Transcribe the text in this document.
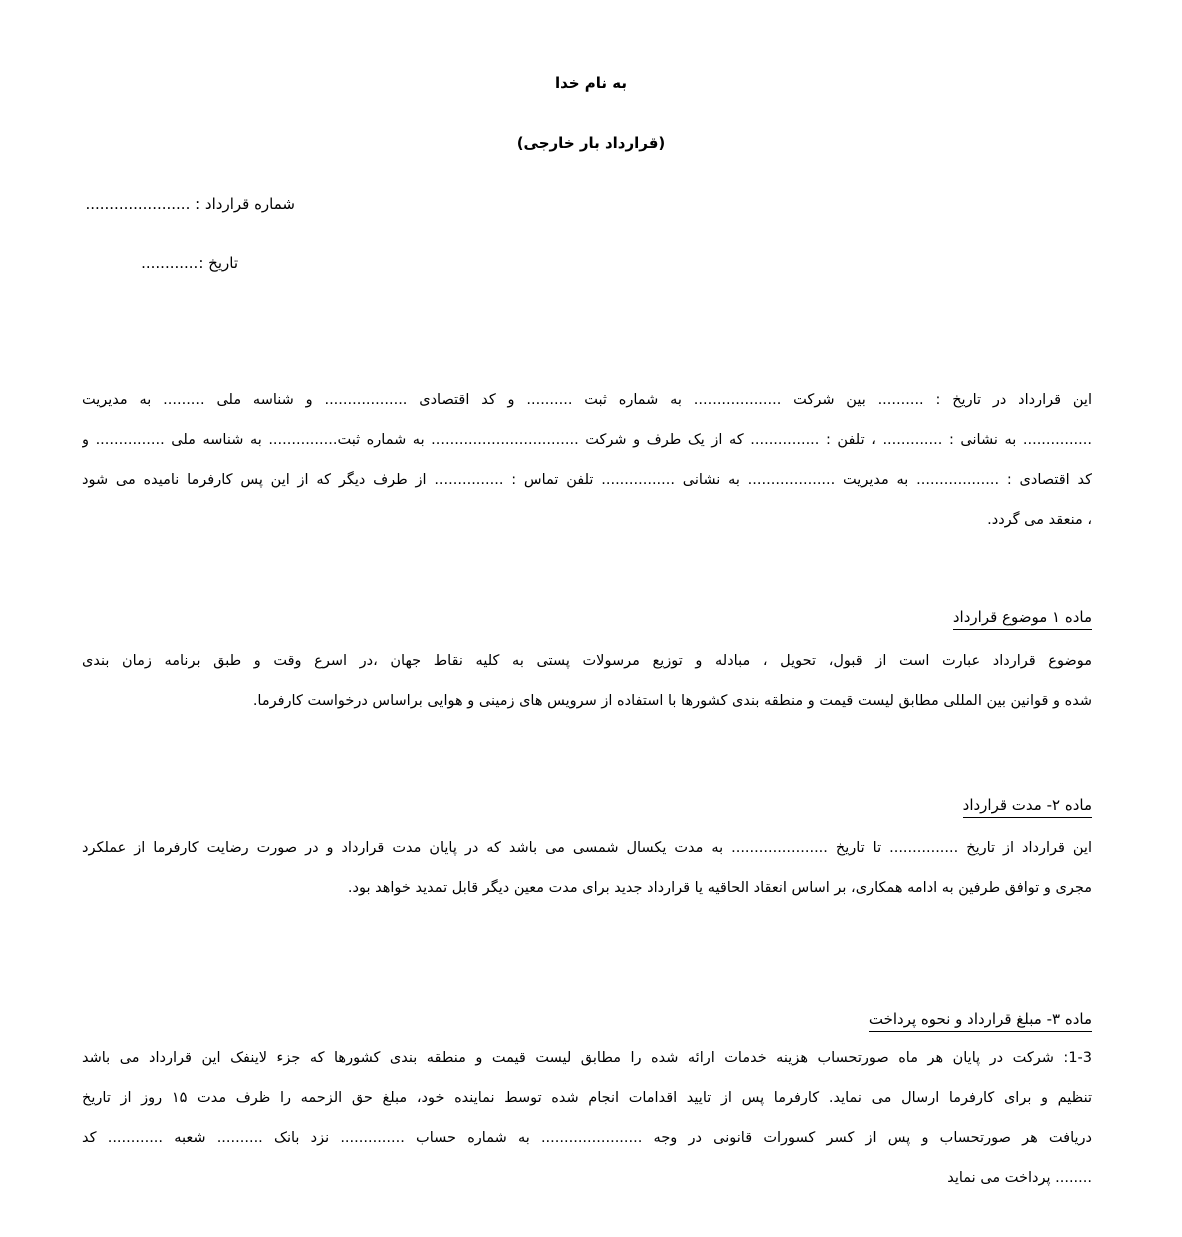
به نام خدا
(قرارداد بار خارجی)
شماره قرارداد : ......................
تاریخ :............
این قرارداد در تاریخ : .......... بین شرکت ................... به شماره ثبت .......... و کد اقتصادی .................. و شناسه ملی ......... به مدیریت
............... به نشانی : ............. ، تلفن : ............... که از یک طرف و شرکت ................................ به شماره ثبت............... به شناسه ملی ............... و
کد اقتصادی : .................. به مدیریت ................... به نشانی ................ تلفن تماس : ............... از طرف دیگر که از این پس کارفرما نامیده می شود
، منعقد می گردد.
ماده ۱ موضوع قرارداد
موضوع قرارداد عبارت است از قبول، تحویل ، مبادله و توزیع مرسولات پستی به کلیه نقاط جهان ،در اسرع وقت و طبق برنامه زمان بندی
شده و قوانین بین المللی مطابق لیست قیمت و منطقه بندی کشورها با استفاده از سرویس های زمینی و هوایی براساس درخواست کارفرما.
ماده ۲- مدت قرارداد
این قرارداد از تاریخ ............... تا تاریخ ..................... به مدت یکسال شمسی می باشد که در پایان مدت قرارداد و در صورت رضایت کارفرما از عملکرد
مجری و توافق طرفین به ادامه همکاری، بر اساس انعقاد الحاقیه یا قرارداد جدید برای مدت معین دیگر قابل تمدید خواهد بود.
ماده ۳- مبلغ قرارداد و نحوه پرداخت
1-3: شرکت در پایان هر ماه صورتحساب هزینه خدمات ارائه شده را مطابق لیست قیمت و منطقه بندی کشورها که جزء لاینفک این قرارداد می باشد
تنظیم و برای کارفرما ارسال می نماید. کارفرما پس از تایید اقدامات انجام شده توسط نماینده خود، مبلغ حق الزحمه را ظرف مدت ۱۵ روز از تاریخ
دریافت هر صورتحساب و پس از کسر کسورات قانونی در وجه ...................... به شماره حساب .............. نزد بانک .......... شعبه ............ کد
........ پرداخت می نماید
